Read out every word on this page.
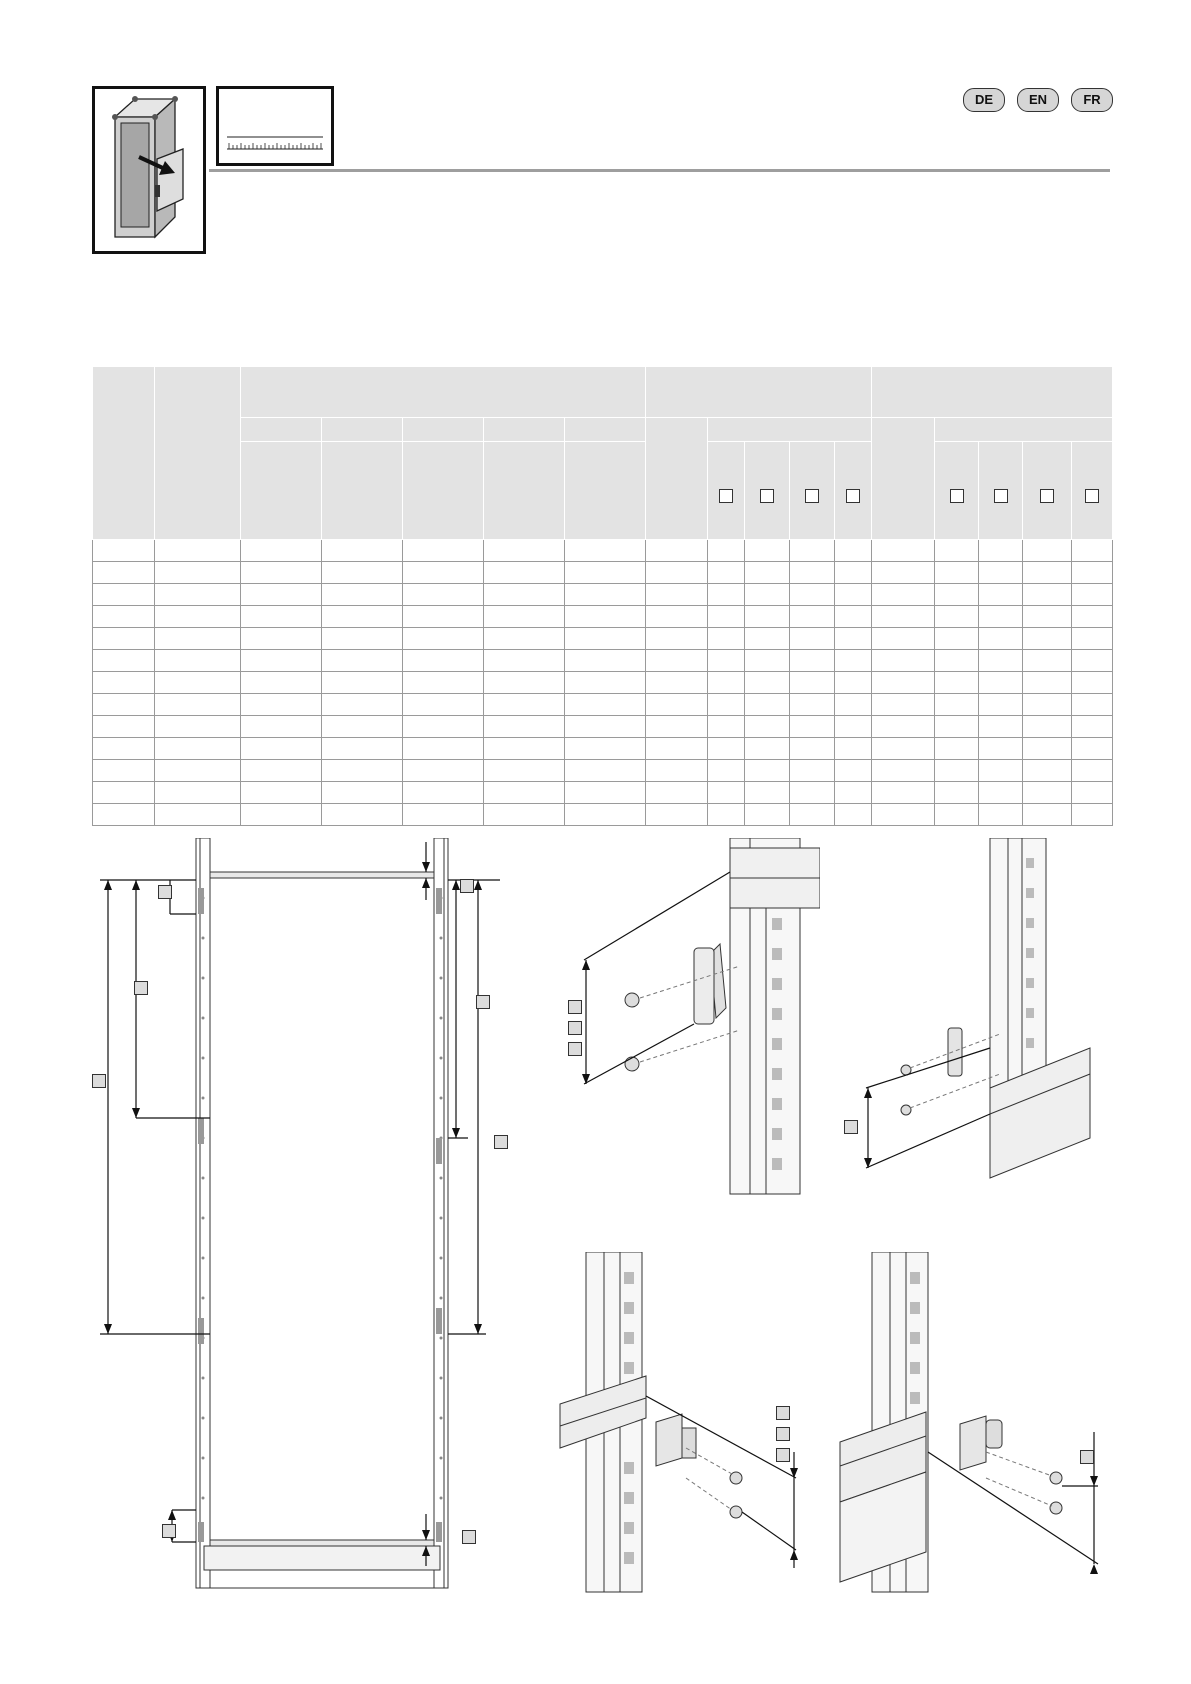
DE	EN	FR
